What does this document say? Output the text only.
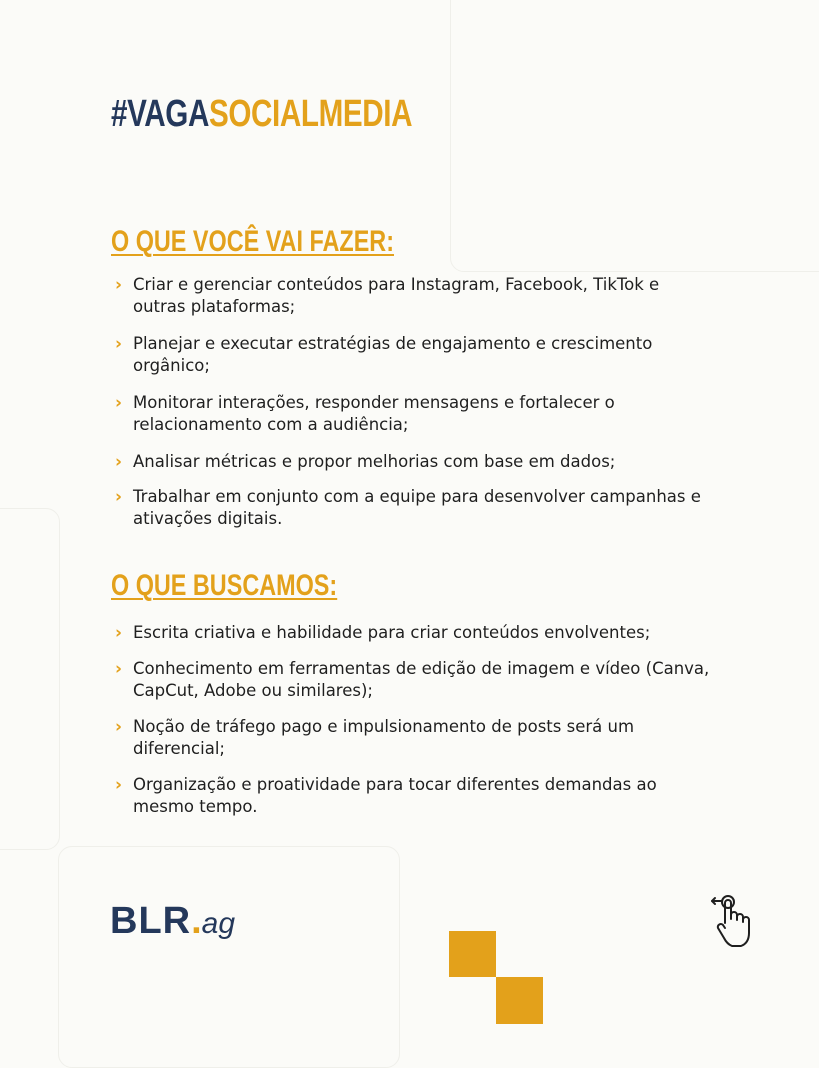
#VAGASOCIALMEDIA
O QUE VOCÊ VAI FAZER:
› Criar e gerenciar conteúdos para Instagram, Facebook, TikTok e outras plataformas;
› Planejar e executar estratégias de engajamento e crescimento orgânico;
› Monitorar interações, responder mensagens e fortalecer o relacionamento com a audiência;
› Analisar métricas e propor melhorias com base em dados;
› Trabalhar em conjunto com a equipe para desenvolver campanhas e ativações digitais.
O QUE BUSCAMOS:
› Escrita criativa e habilidade para criar conteúdos envolventes;
› Conhecimento em ferramentas de edição de imagem e vídeo (Canva, CapCut, Adobe ou similares);
› Noção de tráfego pago e impulsionamento de posts será um diferencial;
› Organização e proatividade para tocar diferentes demandas ao mesmo tempo.
BLR.ag
